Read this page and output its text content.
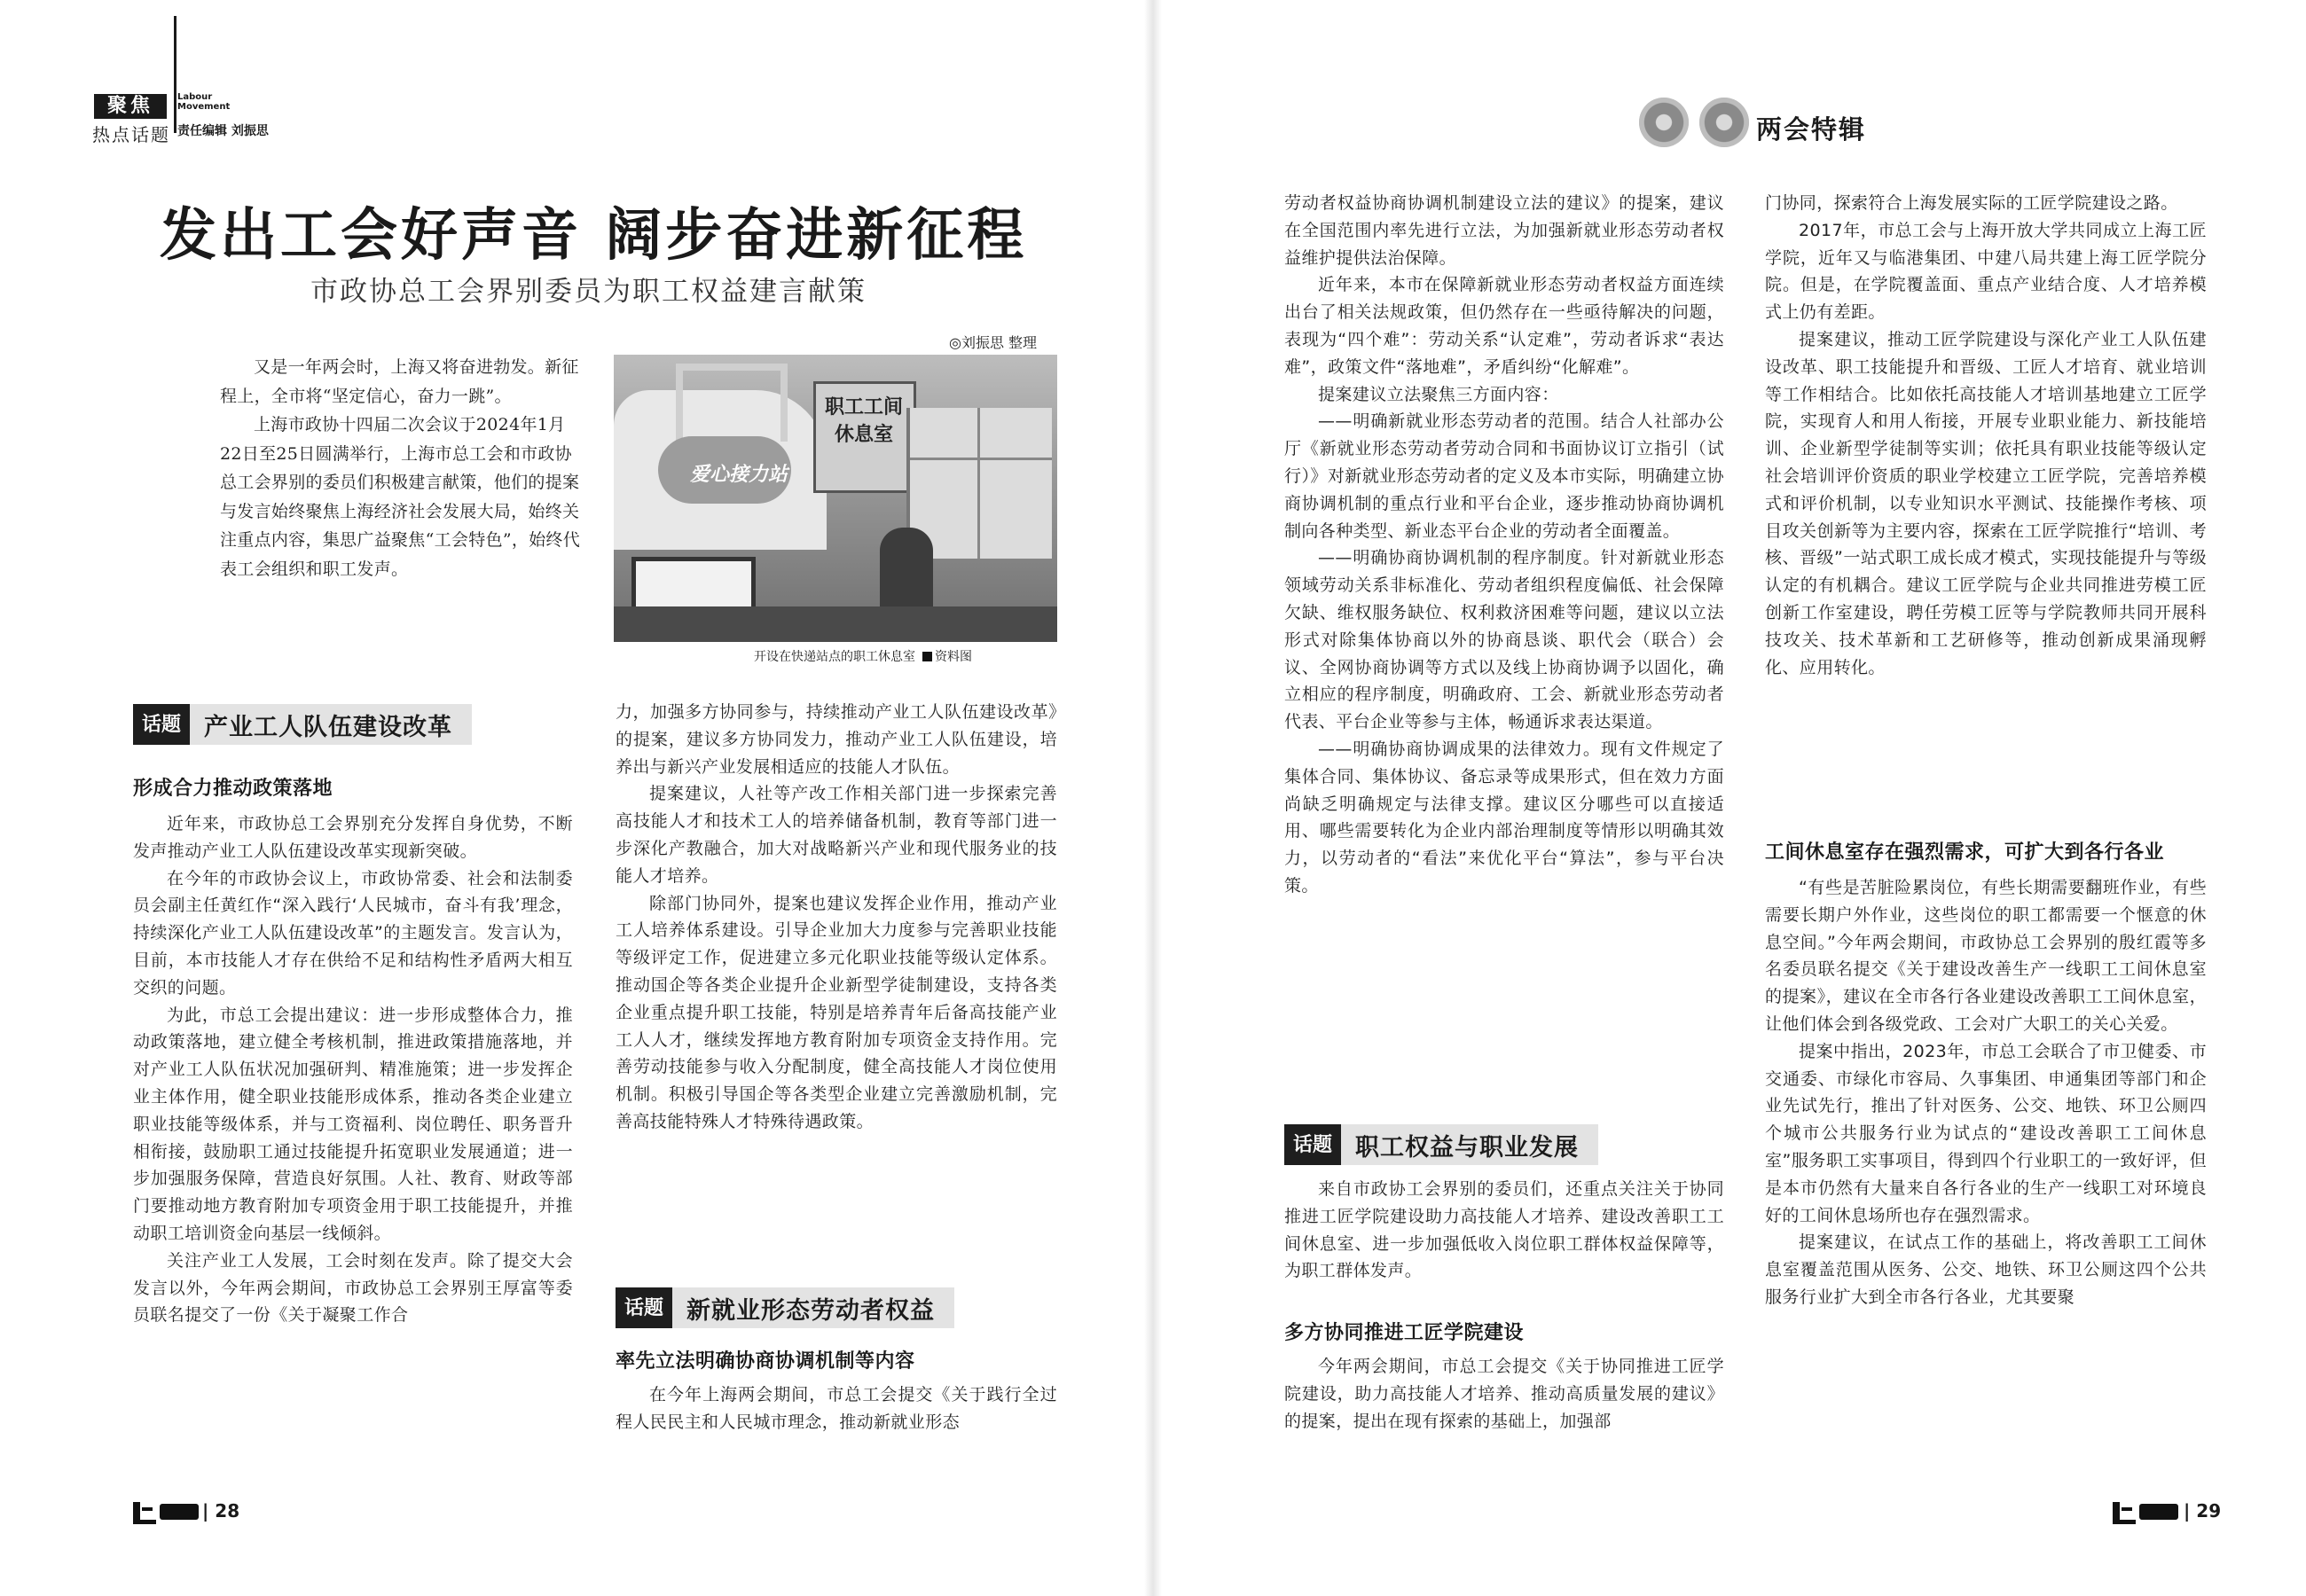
聚焦
热点话题
Labour Movement
责任编辑 刘振思
发出工会好声音 阔步奋进新征程
市政协总工会界别委员为职工权益建言献策
◎刘振思 整理

又是一年两会时，上海又将奋进勃发。新征程上，全市将“坚定信心，奋力一跳”。

上海市政协十四届二次会议于2024年1月22日至25日圆满举行，上海市总工会和市政协总工会界别的委员们积极建言献策，他们的提案与发言始终聚焦上海经济社会发展大局，始终关注重点内容，集思广益聚焦“工会特色”，始终代表工会组织和职工发声。

爱心接力站
职工工间休息室
开设在快递站点的职工休息室 资料图
话题 产业工人队伍建设改革
形成合力推动政策落地

近年来，市政协总工会界别充分发挥自身优势，不断发声推动产业工人队伍建设改革实现新突破。

在今年的市政协会议上，市政协常委、社会和法制委员会副主任黄红作“深入践行‘人民城市，奋斗有我’理念，持续深化产业工人队伍建设改革”的主题发言。发言认为，目前，本市技能人才存在供给不足和结构性矛盾两大相互交织的问题。

为此，市总工会提出建议：进一步形成整体合力，推动政策落地，建立健全考核机制，推进政策措施落地，并对产业工人队伍状况加强研判、精准施策；进一步发挥企业主体作用，健全职业技能形成体系，推动各类企业建立职业技能等级体系，并与工资福利、岗位聘任、职务晋升相衔接，鼓励职工通过技能提升拓宽职业发展通道；进一步加强服务保障，营造良好氛围。人社、教育、财政等部门要推动地方教育附加专项资金用于职工技能提升，并推动职工培训资金向基层一线倾斜。

关注产业工人发展，工会时刻在发声。除了提交大会发言以外，今年两会期间，市政协总工会界别王厚富等委员联名提交了一份《关于凝聚工作合

力，加强多方协同参与，持续推动产业工人队伍建设改革》的提案，建议多方协同发力，推动产业工人队伍建设，培养出与新兴产业发展相适应的技能人才队伍。

提案建议，人社等产改工作相关部门进一步探索完善高技能人才和技术工人的培养储备机制，教育等部门进一步深化产教融合，加大对战略新兴产业和现代服务业的技能人才培养。

除部门协同外，提案也建议发挥企业作用，推动产业工人培养体系建设。引导企业加大力度参与完善职业技能等级评定工作，促进建立多元化职业技能等级认定体系。推动国企等各类企业提升企业新型学徒制建设，支持各类企业重点提升职工技能，特别是培养青年后备高技能产业工人人才，继续发挥地方教育附加专项资金支持作用。完善劳动技能参与收入分配制度，健全高技能人才岗位使用机制。积极引导国企等各类型企业建立完善激励机制，完善高技能特殊人才特殊待遇政策。

话题 新就业形态劳动者权益
率先立法明确协商协调机制等内容

在今年上海两会期间，市总工会提交《关于践行全过程人民民主和人民城市理念，推动新就业形态

| 28
两会特辑

劳动者权益协商协调机制建设立法的建议》的提案，建议在全国范围内率先进行立法，为加强新就业形态劳动者权益维护提供法治保障。

近年来，本市在保障新就业形态劳动者权益方面连续出台了相关法规政策，但仍然存在一些亟待解决的问题，表现为“四个难”：劳动关系“认定难”，劳动者诉求“表达难”，政策文件“落地难”，矛盾纠纷“化解难”。

提案建议立法聚焦三方面内容：

——明确新就业形态劳动者的范围。结合人社部办公厅《新就业形态劳动者劳动合同和书面协议订立指引（试行）》对新就业形态劳动者的定义及本市实际，明确建立协商协调机制的重点行业和平台企业，逐步推动协商协调机制向各种类型、新业态平台企业的劳动者全面覆盖。

——明确协商协调机制的程序制度。针对新就业形态领域劳动关系非标准化、劳动者组织程度偏低、社会保障欠缺、维权服务缺位、权利救济困难等问题，建议以立法形式对除集体协商以外的协商恳谈、职代会（联合）会议、全网协商协调等方式以及线上协商协调予以固化，确立相应的程序制度，明确政府、工会、新就业形态劳动者代表、平台企业等参与主体，畅通诉求表达渠道。

——明确协商协调成果的法律效力。现有文件规定了集体合同、集体协议、备忘录等成果形式，但在效力方面尚缺乏明确规定与法律支撑。建议区分哪些可以直接适用、哪些需要转化为企业内部治理制度等情形以明确其效力，以劳动者的“看法”来优化平台“算法”，参与平台决策。

话题 职工权益与职业发展

来自市政协工会界别的委员们，还重点关注关于协同推进工匠学院建设助力高技能人才培养、建设改善职工工间休息室、进一步加强低收入岗位职工群体权益保障等，为职工群体发声。

多方协同推进工匠学院建设

今年两会期间，市总工会提交《关于协同推进工匠学院建设，助力高技能人才培养、推动高质量发展的建议》的提案，提出在现有探索的基础上，加强部

门协同，探索符合上海发展实际的工匠学院建设之路。

2017年，市总工会与上海开放大学共同成立上海工匠学院，近年又与临港集团、中建八局共建上海工匠学院分院。但是，在学院覆盖面、重点产业结合度、人才培养模式上仍有差距。

提案建议，推动工匠学院建设与深化产业工人队伍建设改革、职工技能提升和晋级、工匠人才培育、就业培训等工作相结合。比如依托高技能人才培训基地建立工匠学院，实现育人和用人衔接，开展专业职业能力、新技能培训、企业新型学徒制等实训；依托具有职业技能等级认定社会培训评价资质的职业学校建立工匠学院，完善培养模式和评价机制，以专业知识水平测试、技能操作考核、项目攻关创新等为主要内容，探索在工匠学院推行“培训、考核、晋级”一站式职工成长成才模式，实现技能提升与等级认定的有机耦合。建议工匠学院与企业共同推进劳模工匠创新工作室建设，聘任劳模工匠等与学院教师共同开展科技攻关、技术革新和工艺研修等，推动创新成果涌现孵化、应用转化。

工间休息室存在强烈需求，可扩大到各行各业

“有些是苦脏险累岗位，有些长期需要翻班作业，有些需要长期户外作业，这些岗位的职工都需要一个惬意的休息空间。”今年两会期间，市政协总工会界别的殷红霞等多名委员联名提交《关于建设改善生产一线职工工间休息室的提案》，建议在全市各行各业建设改善职工工间休息室，让他们体会到各级党政、工会对广大职工的关心关爱。

提案中指出，2023年，市总工会联合了市卫健委、市交通委、市绿化市容局、久事集团、申通集团等部门和企业先试先行，推出了针对医务、公交、地铁、环卫公厕四个城市公共服务行业为试点的“建设改善职工工间休息室”服务职工实事项目，得到四个行业职工的一致好评，但是本市仍然有大量来自各行各业的生产一线职工对环境良好的工间休息场所也存在强烈需求。

提案建议，在试点工作的基础上，将改善职工工间休息室覆盖范围从医务、公交、地铁、环卫公厕这四个公共服务行业扩大到全市各行各业，尤其要聚

| 29
